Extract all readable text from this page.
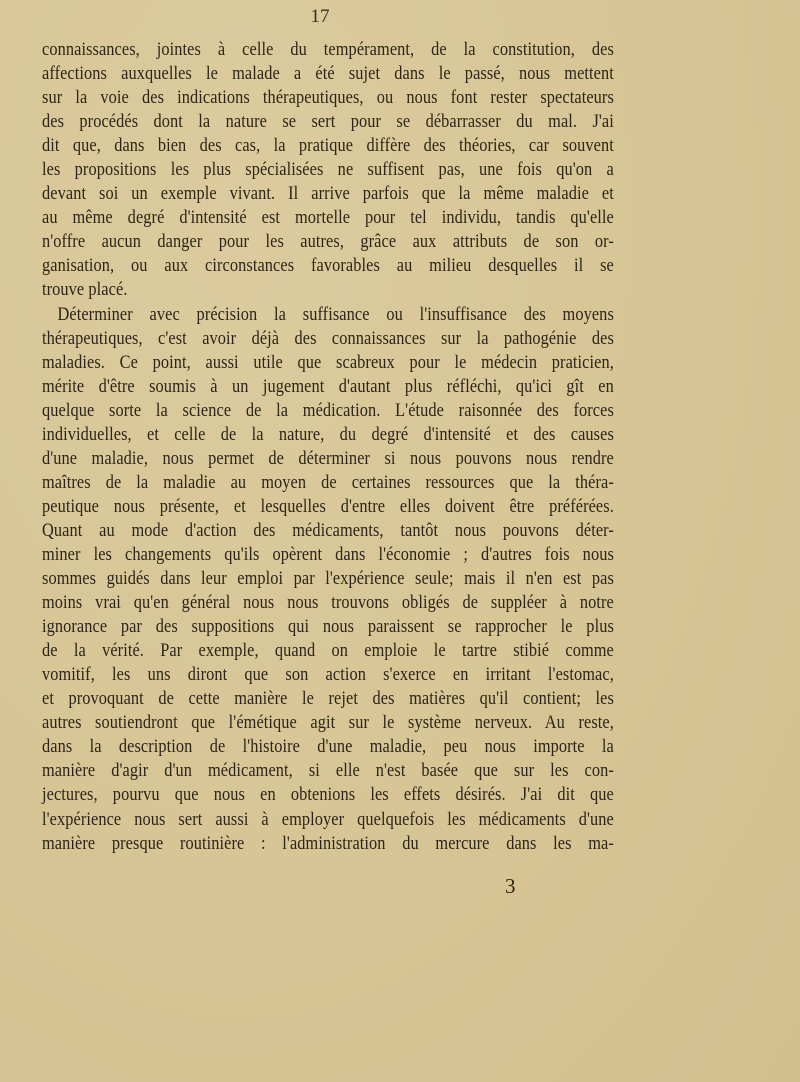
17
connaissances, jointes à celle du tempérament, de la constitution, des
affections auxquelles le malade a été sujet dans le passé, nous mettent
sur la voie des indications thérapeutiques, ou nous font rester spectateurs
des procédés dont la nature se sert pour se débarrasser du mal. J'ai
dit que, dans bien des cas, la pratique diffère des théories, car souvent
les propositions les plus spécialisées ne suffisent pas, une fois qu'on a
devant soi un exemple vivant. Il arrive parfois que la même maladie et
au même degré d'intensité est mortelle pour tel individu, tandis qu'elle
n'offre aucun danger pour les autres, grâce aux attributs de son or-
ganisation, ou aux circonstances favorables au milieu desquelles il se
trouve placé.
Déterminer avec précision la suffisance ou l'insuffisance des moyens
thérapeutiques, c'est avoir déjà des connaissances sur la pathogénie des
maladies. Ce point, aussi utile que scabreux pour le médecin praticien,
mérite d'être soumis à un jugement d'autant plus réfléchi, qu'ici gît en
quelque sorte la science de la médication. L'étude raisonnée des forces
individuelles, et celle de la nature, du degré d'intensité et des causes
d'une maladie, nous permet de déterminer si nous pouvons nous rendre
maîtres de la maladie au moyen de certaines ressources que la théra-
peutique nous présente, et lesquelles d'entre elles doivent être préférées.
Quant au mode d'action des médicaments, tantôt nous pouvons déter-
miner les changements qu'ils opèrent dans l'économie ; d'autres fois nous
sommes guidés dans leur emploi par l'expérience seule; mais il n'en est pas
moins vrai qu'en général nous nous trouvons obligés de suppléer à notre
ignorance par des suppositions qui nous paraissent se rapprocher le plus
de la vérité. Par exemple, quand on emploie le tartre stibié comme
vomitif, les uns diront que son action s'exerce en irritant l'estomac,
et provoquant de cette manière le rejet des matières qu'il contient; les
autres soutiendront que l'émétique agit sur le système nerveux. Au reste,
dans la description de l'histoire d'une maladie, peu nous importe la
manière d'agir d'un médicament, si elle n'est basée que sur les con-
jectures, pourvu que nous en obtenions les effets désirés. J'ai dit que
l'expérience nous sert aussi à employer quelquefois les médicaments d'une
manière presque routinière : l'administration du mercure dans les ma-
3
